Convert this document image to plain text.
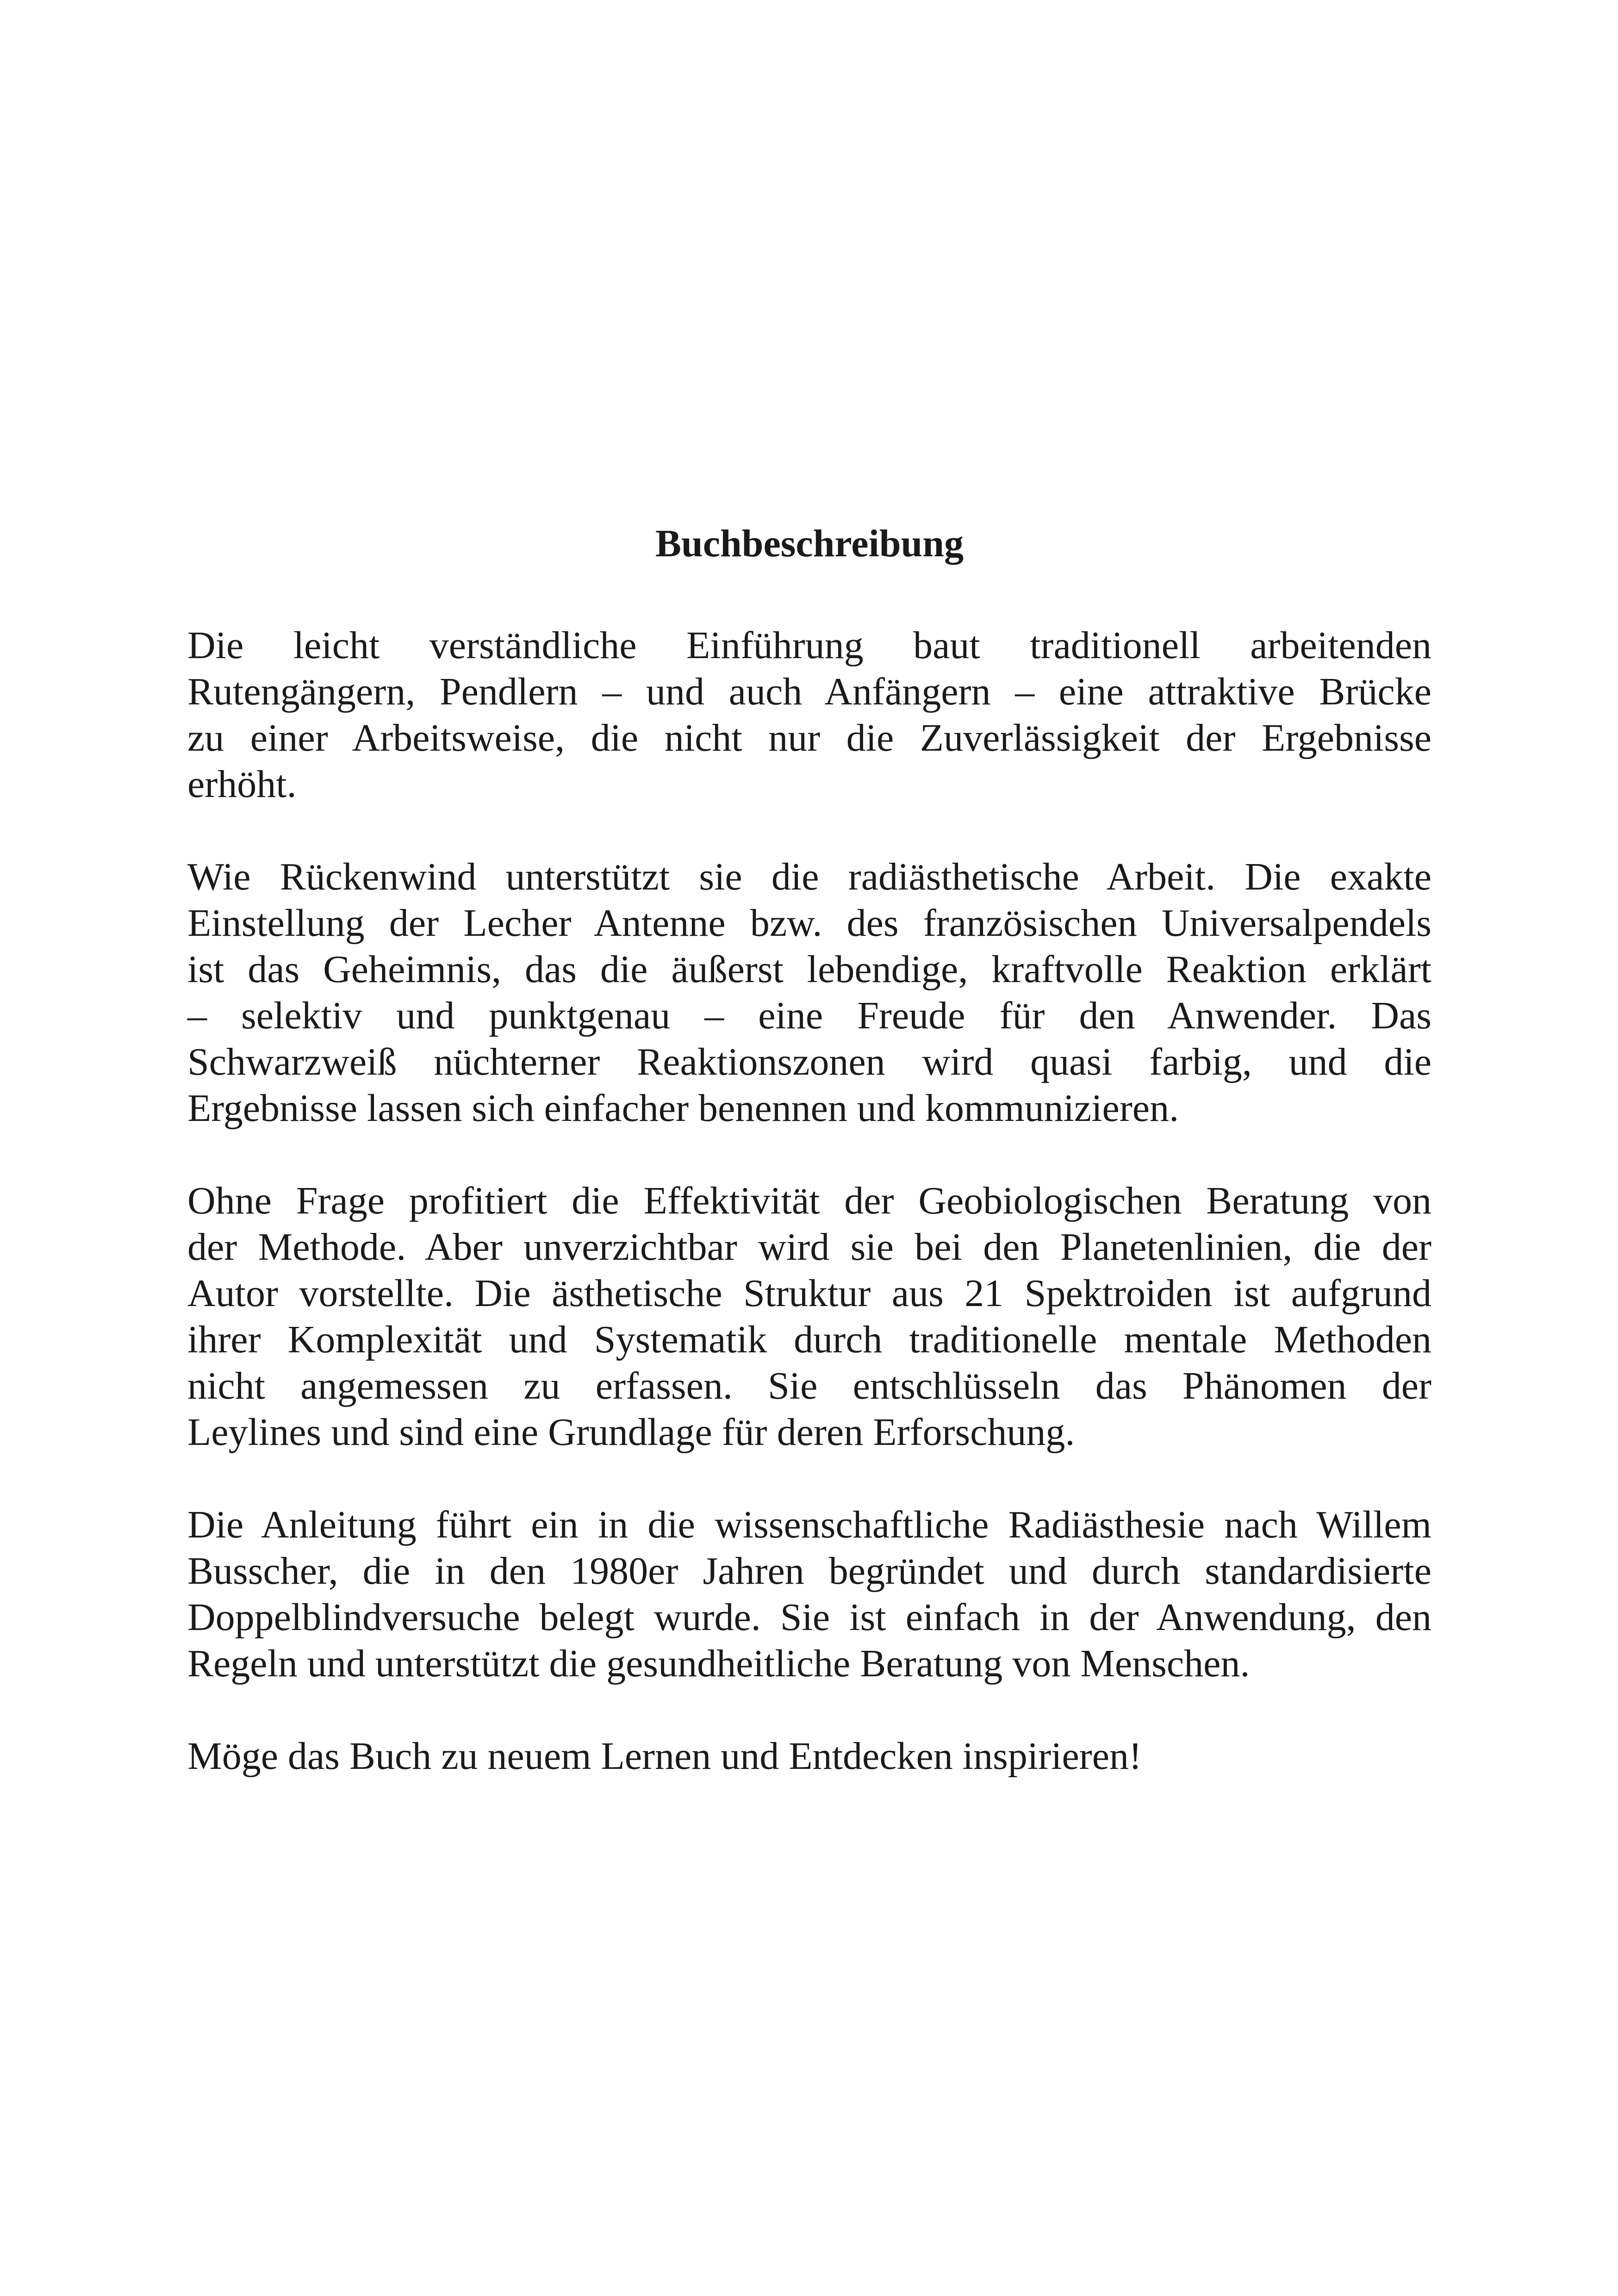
Buchbeschreibung

Die leicht verständliche Einführung baut traditionell arbeitenden
Rutengängern, Pendlern – und auch Anfängern – eine attraktive Brücke
zu einer Arbeitsweise, die nicht nur die Zuverlässigkeit der Ergebnisse
erhöht.

Wie Rückenwind unterstützt sie die radiästhetische Arbeit. Die exakte
Einstellung der Lecher Antenne bzw. des französischen Universalpendels
ist das Geheimnis, das die äußerst lebendige, kraftvolle Reaktion erklärt
– selektiv und punktgenau – eine Freude für den Anwender. Das
Schwarzweiß nüchterner Reaktionszonen wird quasi farbig, und die
Ergebnisse lassen sich einfacher benennen und kommunizieren.

Ohne Frage profitiert die Effektivität der Geobiologischen Beratung von
der Methode. Aber unverzichtbar wird sie bei den Planetenlinien, die der
Autor vorstellte. Die ästhetische Struktur aus 21 Spektroiden ist aufgrund
ihrer Komplexität und Systematik durch traditionelle mentale Methoden
nicht angemessen zu erfassen. Sie entschlüsseln das Phänomen der
Leylines und sind eine Grundlage für deren Erforschung.

Die Anleitung führt ein in die wissenschaftliche Radiästhesie nach Willem
Busscher, die in den 1980er Jahren begründet und durch standardisierte
Doppelblindversuche belegt wurde. Sie ist einfach in der Anwendung, den
Regeln und unterstützt die gesundheitliche Beratung von Menschen.

Möge das Buch zu neuem Lernen und Entdecken inspirieren!
